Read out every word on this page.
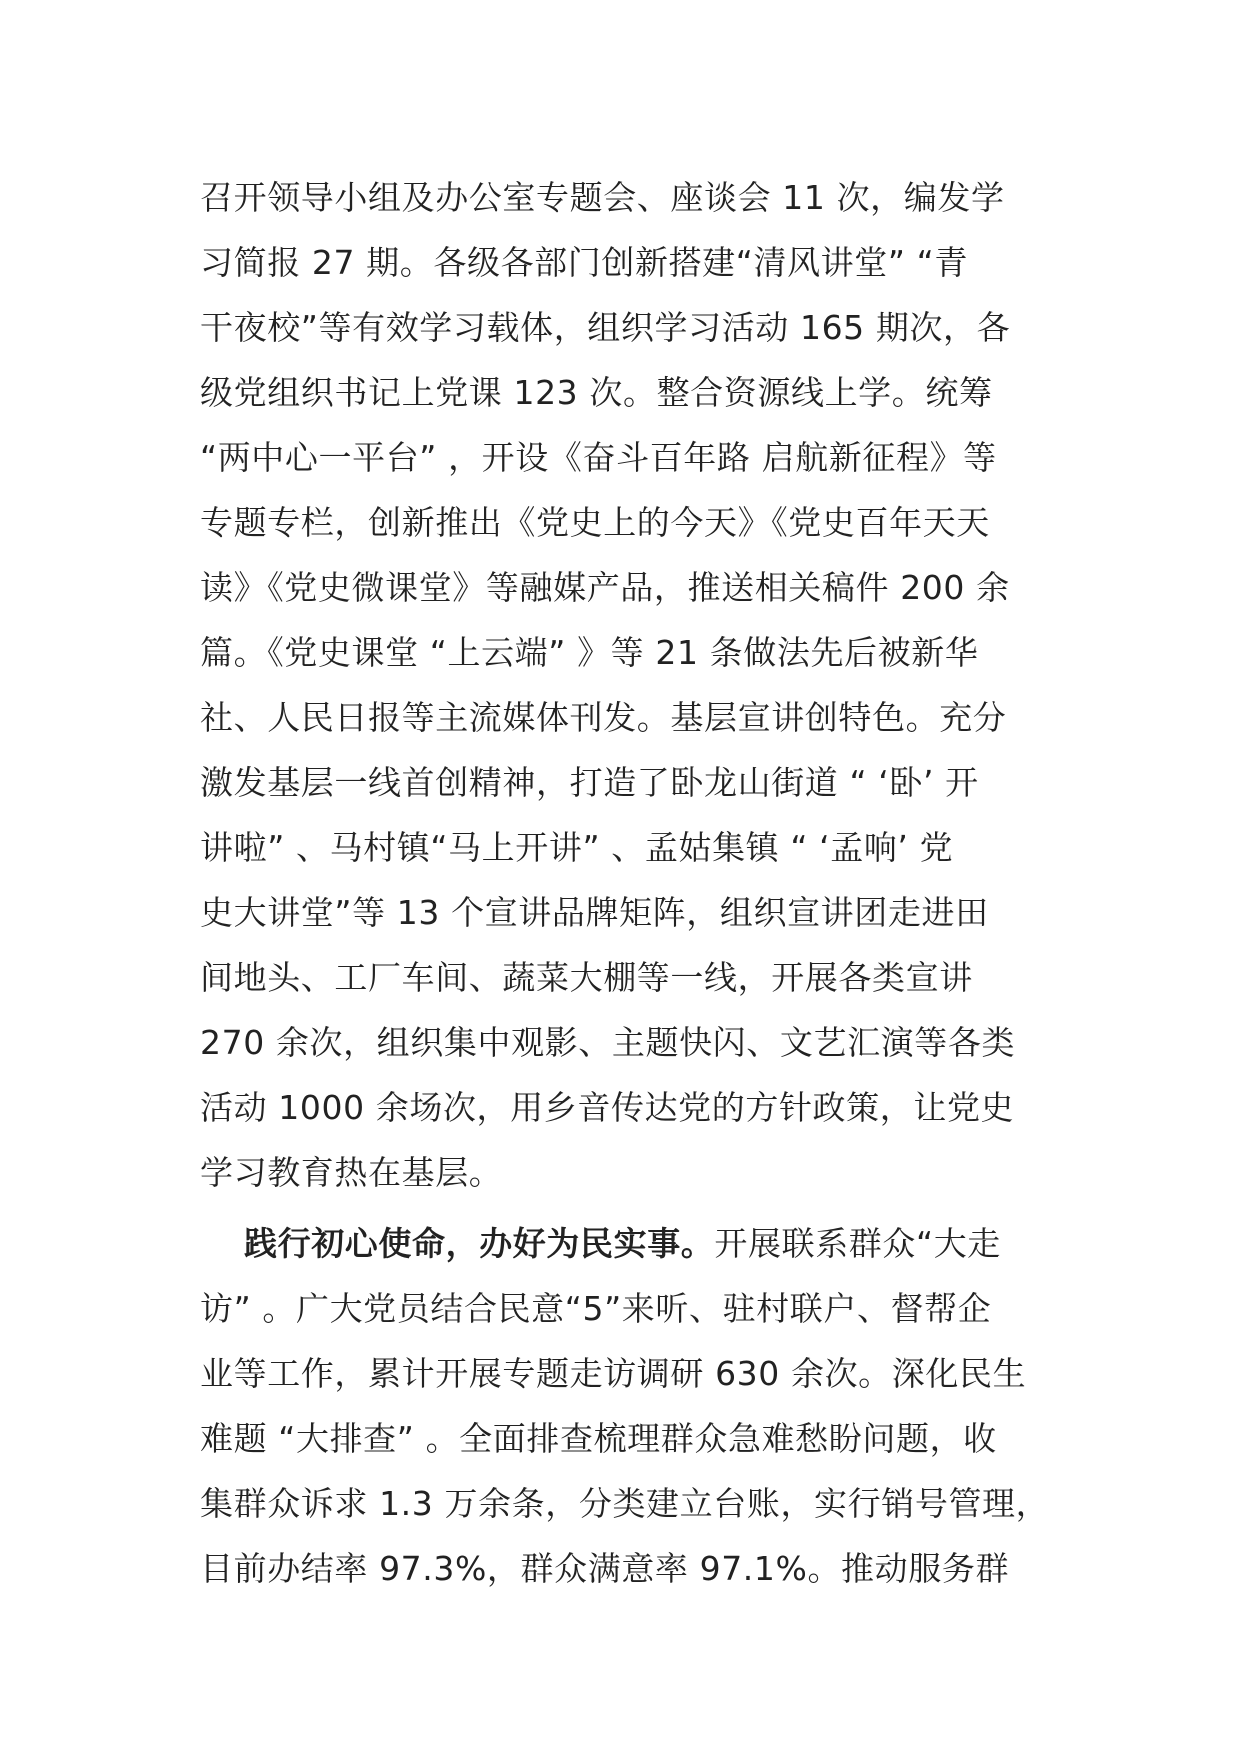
召开领导小组及办公室专题会、座谈会 11 次，编发学
习简报 27 期。各级各部门创新搭建“清风讲堂” “青
干夜校”等有效学习载体，组织学习活动 165 期次，各
级党组织书记上党课 123 次。整合资源线上学。统筹
“两中心一平台” ，开设《奋斗百年路 启航新征程》等
专题专栏，创新推出《党史上的今天》《党史百年天天
读》《党史微课堂》等融媒产品，推送相关稿件 200 余
篇。《党史课堂 “上云端” 》等 21 条做法先后被新华
社、人民日报等主流媒体刊发。基层宣讲创特色。充分
激发基层一线首创精神，打造了卧龙山街道 “ ‘卧’ 开
讲啦” 、马村镇“马上开讲” 、孟姑集镇 “ ‘孟响’ 党
史大讲堂”等 13 个宣讲品牌矩阵，组织宣讲团走进田
间地头、工厂车间、蔬菜大棚等一线，开展各类宣讲
270 余次，组织集中观影、主题快闪、文艺汇演等各类
活动 1000 余场次，用乡音传达党的方针政策，让党史
学习教育热在基层。
践行初心使命，办好为民实事。开展联系群众“大走
访” 。广大党员结合民意“5”来听、驻村联户、督帮企
业等工作，累计开展专题走访调研 630 余次。深化民生
难题 “大排查” 。全面排查梳理群众急难愁盼问题，收
集群众诉求 1.3 万余条，分类建立台账，实行销号管理，
目前办结率 97.3%，群众满意率 97.1%。推动服务群
